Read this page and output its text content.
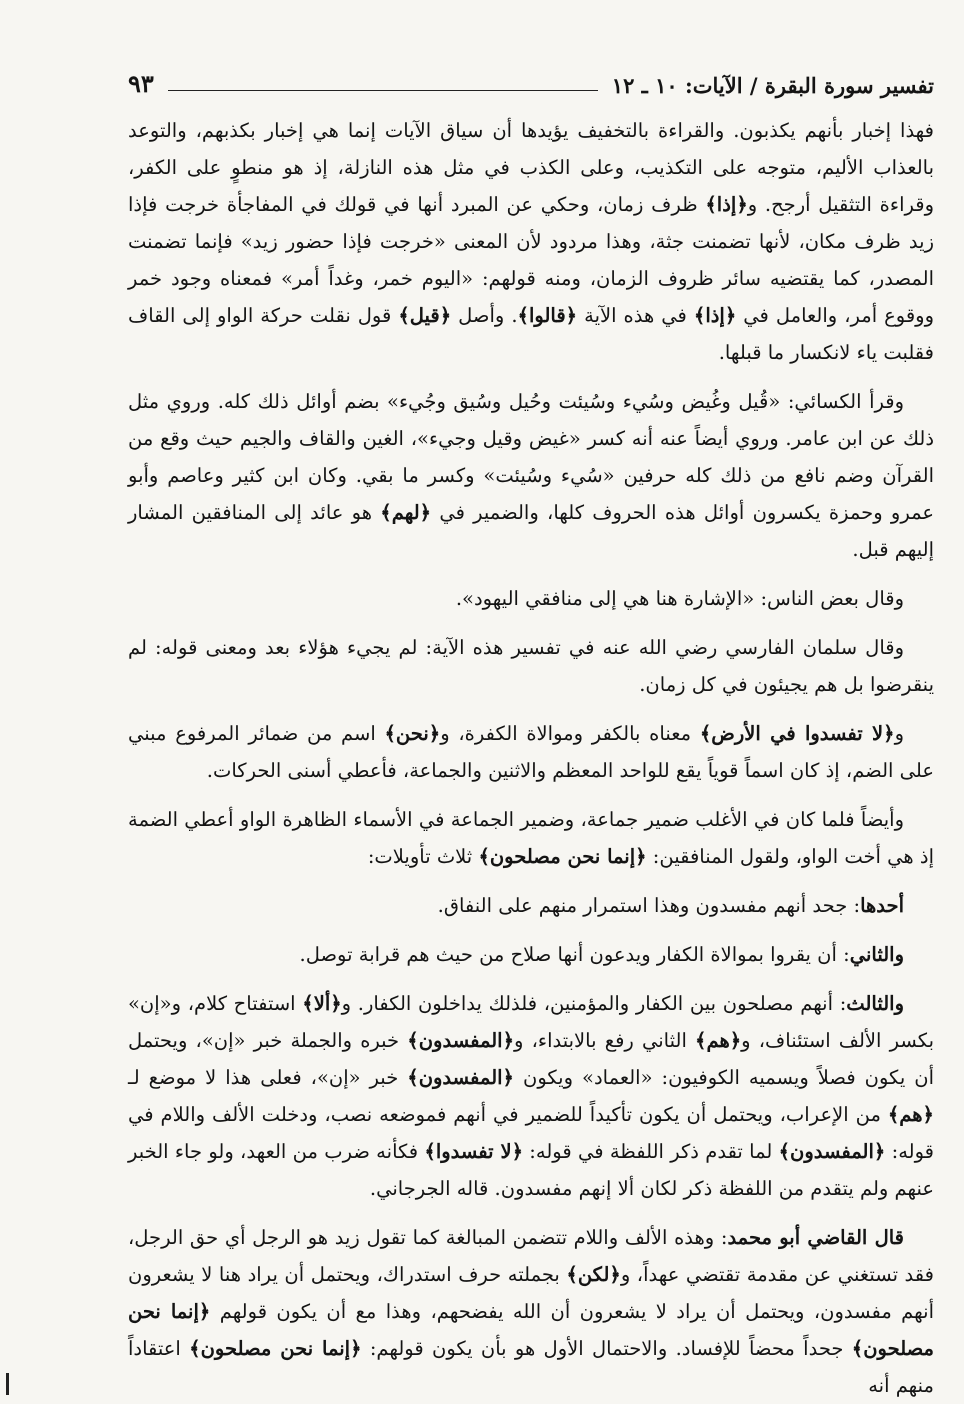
تفسير سورة البقرة / الآيات: ١٠ ـ ١٢
٩٣

فهذا إخبار بأنهم يكذبون. والقراءة بالتخفيف يؤيدها أن سياق الآيات إنما هي إخبار بكذبهم، والتوعد بالعذاب الأليم، متوجه على التكذيب، وعلى الكذب في مثل هذه النازلة، إذ هو منطوٍ على الكفر، وقراءة التثقيل أرجح. و﴿إذا﴾ ظرف زمان، وحكي عن المبرد أنها في قولك في المفاجأة خرجت فإذا زيد ظرف مكان، لأنها تضمنت جثة، وهذا مردود لأن المعنى «خرجت فإذا حضور زيد» فإنما تضمنت المصدر، كما يقتضيه سائر ظروف الزمان، ومنه قولهم: «اليوم خمر، وغداً أمر» فمعناه وجود خمر ووقوع أمر، والعامل في ﴿إذا﴾ في هذه الآية ﴿قالوا﴾. وأصل ﴿قيل﴾ قول نقلت حركة الواو إلى القاف فقلبت ياء لانكسار ما قبلها.

وقرأ الكسائي: «قُيل وغُيض وسُيء وسُيئت وحُيل وسُيق وجُيء» بضم أوائل ذلك كله. وروي مثل ذلك عن ابن عامر. وروي أيضاً عنه أنه كسر «غيض وقيل وجيء»، الغين والقاف والجيم حيث وقع من القرآن وضم نافع من ذلك كله حرفين «سُيء وسُيئت» وكسر ما بقي. وكان ابن كثير وعاصم وأبو عمرو وحمزة يكسرون أوائل هذه الحروف كلها، والضمير في ﴿لهم﴾ هو عائد إلى المنافقين المشار إليهم قبل.

وقال بعض الناس: «الإشارة هنا هي إلى منافقي اليهود».

وقال سلمان الفارسي رضي الله عنه في تفسير هذه الآية: لم يجيء هؤلاء بعد ومعنى قوله: لم ينقرضوا بل هم يجيئون في كل زمان.

و﴿لا تفسدوا في الأرض﴾ معناه بالكفر وموالاة الكفرة، و﴿نحن﴾ اسم من ضمائر المرفوع مبني على الضم، إذ كان اسماً قوياً يقع للواحد المعظم والاثنين والجماعة، فأعطي أسنى الحركات.

وأيضاً فلما كان في الأغلب ضمير جماعة، وضمير الجماعة في الأسماء الظاهرة الواو أعطي الضمة إذ هي أخت الواو، ولقول المنافقين: ﴿إنما نحن مصلحون﴾ ثلاث تأويلات:

أحدها: جحد أنهم مفسدون وهذا استمرار منهم على النفاق.

والثاني: أن يقروا بموالاة الكفار ويدعون أنها صلاح من حيث هم قرابة توصل.

والثالث: أنهم مصلحون بين الكفار والمؤمنين، فلذلك يداخلون الكفار. و﴿ألا﴾ استفتاح كلام، و«إن» بكسر الألف استئناف، و﴿هم﴾ الثاني رفع بالابتداء، و﴿المفسدون﴾ خبره والجملة خبر «إن»، ويحتمل أن يكون فصلاً ويسميه الكوفيون: «العماد» ويكون ﴿المفسدون﴾ خبر «إن»، فعلى هذا لا موضع لـ ﴿هم﴾ من الإعراب، ويحتمل أن يكون تأكيداً للضمير في أنهم فموضعه نصب، ودخلت الألف واللام في قوله: ﴿المفسدون﴾ لما تقدم ذكر اللفظة في قوله: ﴿لا تفسدوا﴾ فكأنه ضرب من العهد، ولو جاء الخبر عنهم ولم يتقدم من اللفظة ذكر لكان ألا إنهم مفسدون. قاله الجرجاني.

قال القاضي أبو محمد: وهذه الألف واللام تتضمن المبالغة كما تقول زيد هو الرجل أي حق الرجل، فقد تستغني عن مقدمة تقتضي عهداً، و﴿لكن﴾ بجملته حرف استدراك، ويحتمل أن يراد هنا لا يشعرون أنهم مفسدون، ويحتمل أن يراد لا يشعرون أن الله يفضحهم، وهذا مع أن يكون قولهم ﴿إنما نحن مصلحون﴾ جحداً محضاً للإفساد. والاحتمال الأول هو بأن يكون قولهم: ﴿إنما نحن مصلحون﴾ اعتقاداً منهم أنه
